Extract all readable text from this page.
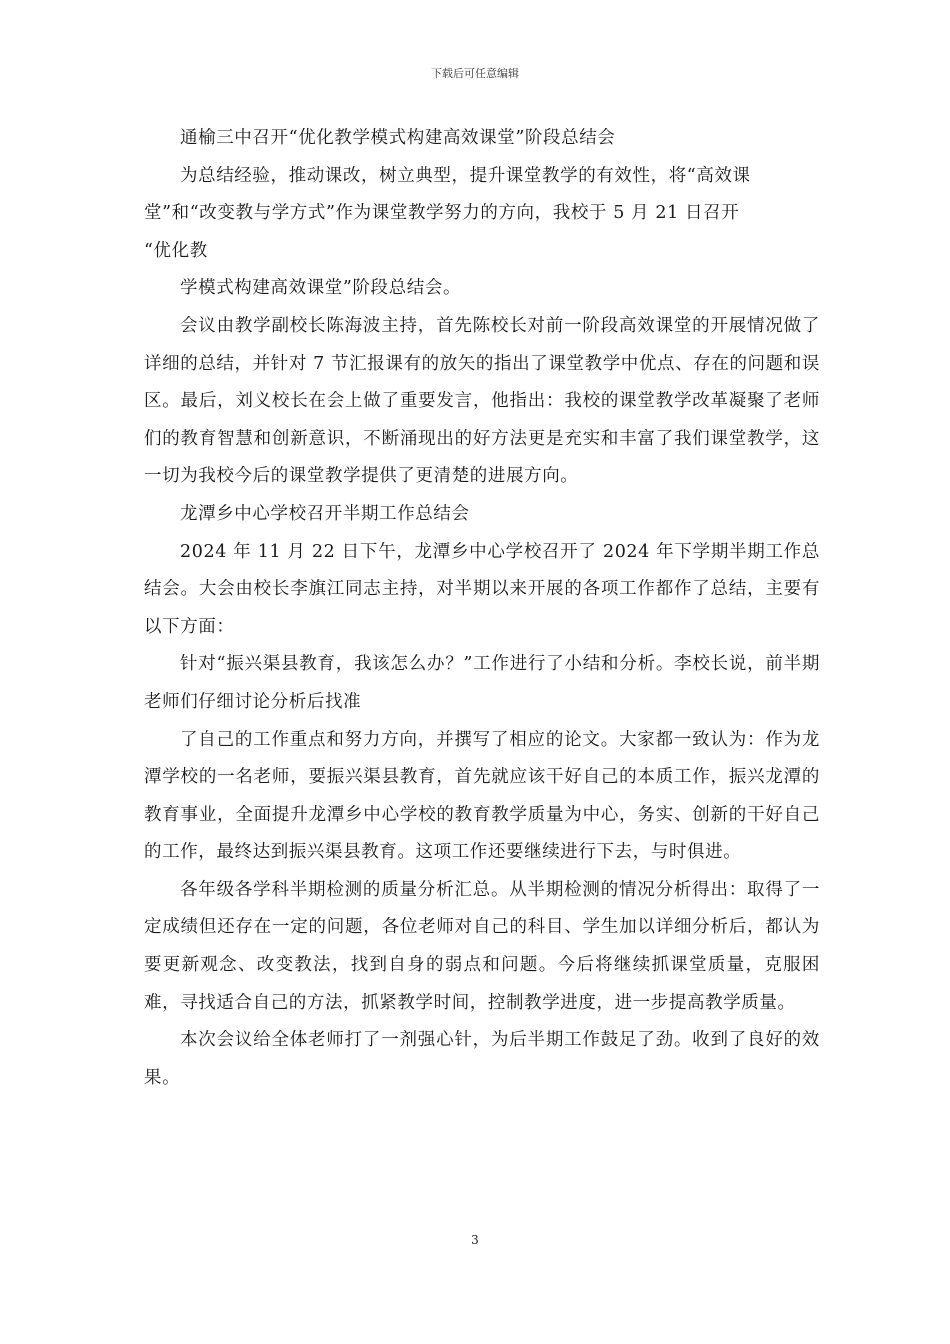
下载后可任意编辑

通榆三中召开“优化教学模式构建高效课堂”阶段总结会

为总结经验，推动课改，树立典型，提升课堂教学的有效性，将“高效课

堂”和“改变教与学方式”作为课堂教学努力的方向，我校于 5 月 21 日召开

“优化教

学模式构建高效课堂”阶段总结会。

会议由教学副校长陈海波主持，首先陈校长对前一阶段高效课堂的开展情况做了详细的总结，并针对 7 节汇报课有的放矢的指出了课堂教学中优点、存在的问题和误区。最后，刘义校长在会上做了重要发言，他指出：我校的课堂教学改革凝聚了老师们的教育智慧和创新意识，不断涌现出的好方法更是充实和丰富了我们课堂教学，这一切为我校今后的课堂教学提供了更清楚的进展方向。

龙潭乡中心学校召开半期工作总结会

2024 年 11 月 22 日下午，龙潭乡中心学校召开了 2024 年下学期半期工作总结会。大会由校长李旗江同志主持，对半期以来开展的各项工作都作了总结，主要有以下方面：

针对“振兴渠县教育，我该怎么办？”工作进行了小结和分析。李校长说，前半期老师们仔细讨论分析后找准

了自己的工作重点和努力方向，并撰写了相应的论文。大家都一致认为：作为龙潭学校的一名老师，要振兴渠县教育，首先就应该干好自己的本质工作，振兴龙潭的教育事业，全面提升龙潭乡中心学校的教育教学质量为中心，务实、创新的干好自己的工作，最终达到振兴渠县教育。这项工作还要继续进行下去，与时俱进。

各年级各学科半期检测的质量分析汇总。从半期检测的情况分析得出：取得了一定成绩但还存在一定的问题，各位老师对自己的科目、学生加以详细分析后，都认为要更新观念、改变教法，找到自身的弱点和问题。今后将继续抓课堂质量，克服困难，寻找适合自己的方法，抓紧教学时间，控制教学进度，进一步提高教学质量。

本次会议给全体老师打了一剂强心针，为后半期工作鼓足了劲。收到了良好的效果。

3
